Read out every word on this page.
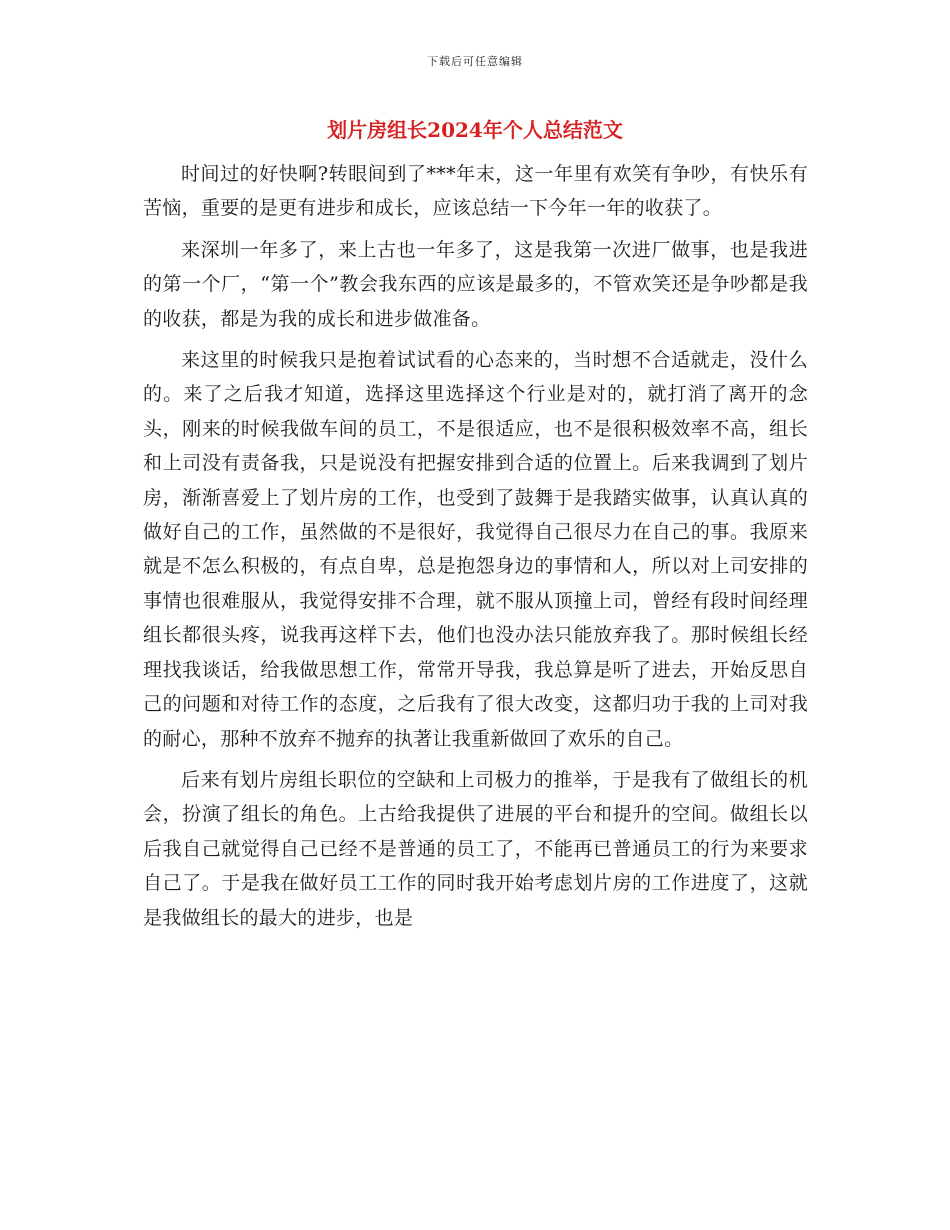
下载后可任意编辑
划片房组长2024年个人总结范文

时间过的好快啊?转眼间到了***年末，这一年里有欢笑有争吵，有快乐有苦恼，重要的是更有进步和成长，应该总结一下今年一年的收获了。

来深圳一年多了，来上古也一年多了，这是我第一次进厂做事，也是我进的第一个厂，“第一个”教会我东西的应该是最多的，不管欢笑还是争吵都是我的收获，都是为我的成长和进步做准备。

来这里的时候我只是抱着试试看的心态来的，当时想不合适就走，没什么的。来了之后我才知道，选择这里选择这个行业是对的，就打消了离开的念头，刚来的时候我做车间的员工，不是很适应，也不是很积极效率不高，组长和上司没有责备我，只是说没有把握安排到合适的位置上。后来我调到了划片房，渐渐喜爱上了划片房的工作，也受到了鼓舞于是我踏实做事，认真认真的做好自己的工作，虽然做的不是很好，我觉得自己很尽力在自己的事。我原来就是不怎么积极的，有点自卑，总是抱怨身边的事情和人，所以对上司安排的事情也很难服从，我觉得安排不合理，就不服从顶撞上司，曾经有段时间经理组长都很头疼，说我再这样下去，他们也没办法只能放弃我了。那时候组长经理找我谈话，给我做思想工作，常常开导我，我总算是听了进去，开始反思自己的问题和对待工作的态度，之后我有了很大改变，这都归功于我的上司对我的耐心，那种不放弃不抛弃的执著让我重新做回了欢乐的自己。

后来有划片房组长职位的空缺和上司极力的推举，于是我有了做组长的机会，扮演了组长的角色。上古给我提供了进展的平台和提升的空间。做组长以后我自己就觉得自己已经不是普通的员工了，不能再已普通员工的行为来要求自己了。于是我在做好员工工作的同时我开始考虑划片房的工作进度了，这就是我做组长的最大的进步，也是
